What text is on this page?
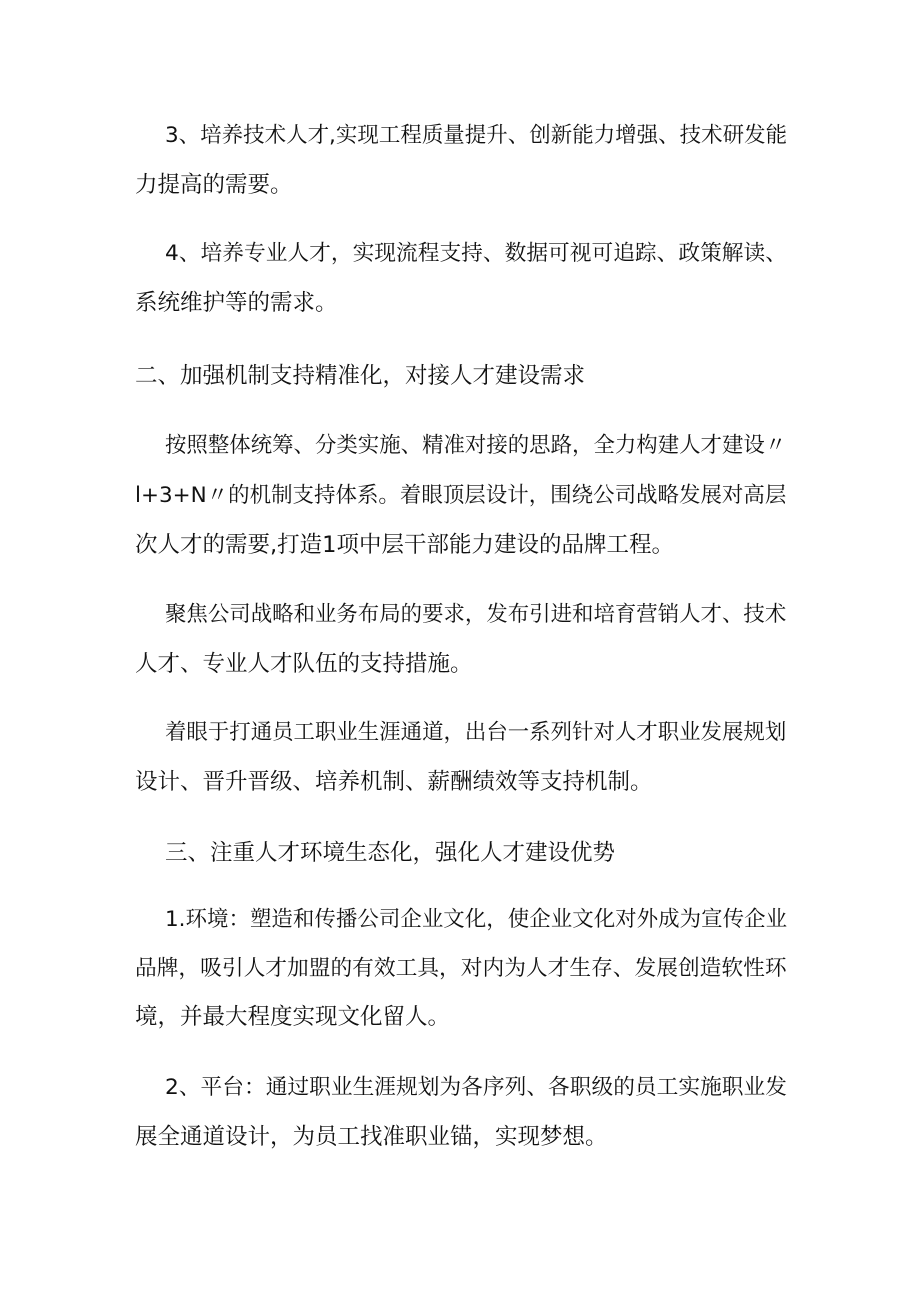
3、培养技术人才,实现工程质量提升、创新能力增强、技术研发能

力提高的需要。

4、培养专业人才，实现流程支持、数据可视可追踪、政策解读、

系统维护等的需求。

二、加强机制支持精准化，对接人才建设需求

按照整体统筹、分类实施、精准对接的思路，全力构建人才建设〃

l+3+N〃的机制支持体系。着眼顶层设计，围绕公司战略发展对高层

次人才的需要,打造1项中层干部能力建设的品牌工程。

聚焦公司战略和业务布局的要求，发布引进和培育营销人才、技术

人才、专业人才队伍的支持措施。

着眼于打通员工职业生涯通道，出台一系列针对人才职业发展规划

设计、晋升晋级、培养机制、薪酬绩效等支持机制。

三、注重人才环境生态化，强化人才建设优势

1.环境：塑造和传播公司企业文化，使企业文化对外成为宣传企业

品牌，吸引人才加盟的有效工具，对内为人才生存、发展创造软性环

境，并最大程度实现文化留人。

2、平台：通过职业生涯规划为各序列、各职级的员工实施职业发

展全通道设计，为员工找准职业锚，实现梦想。
